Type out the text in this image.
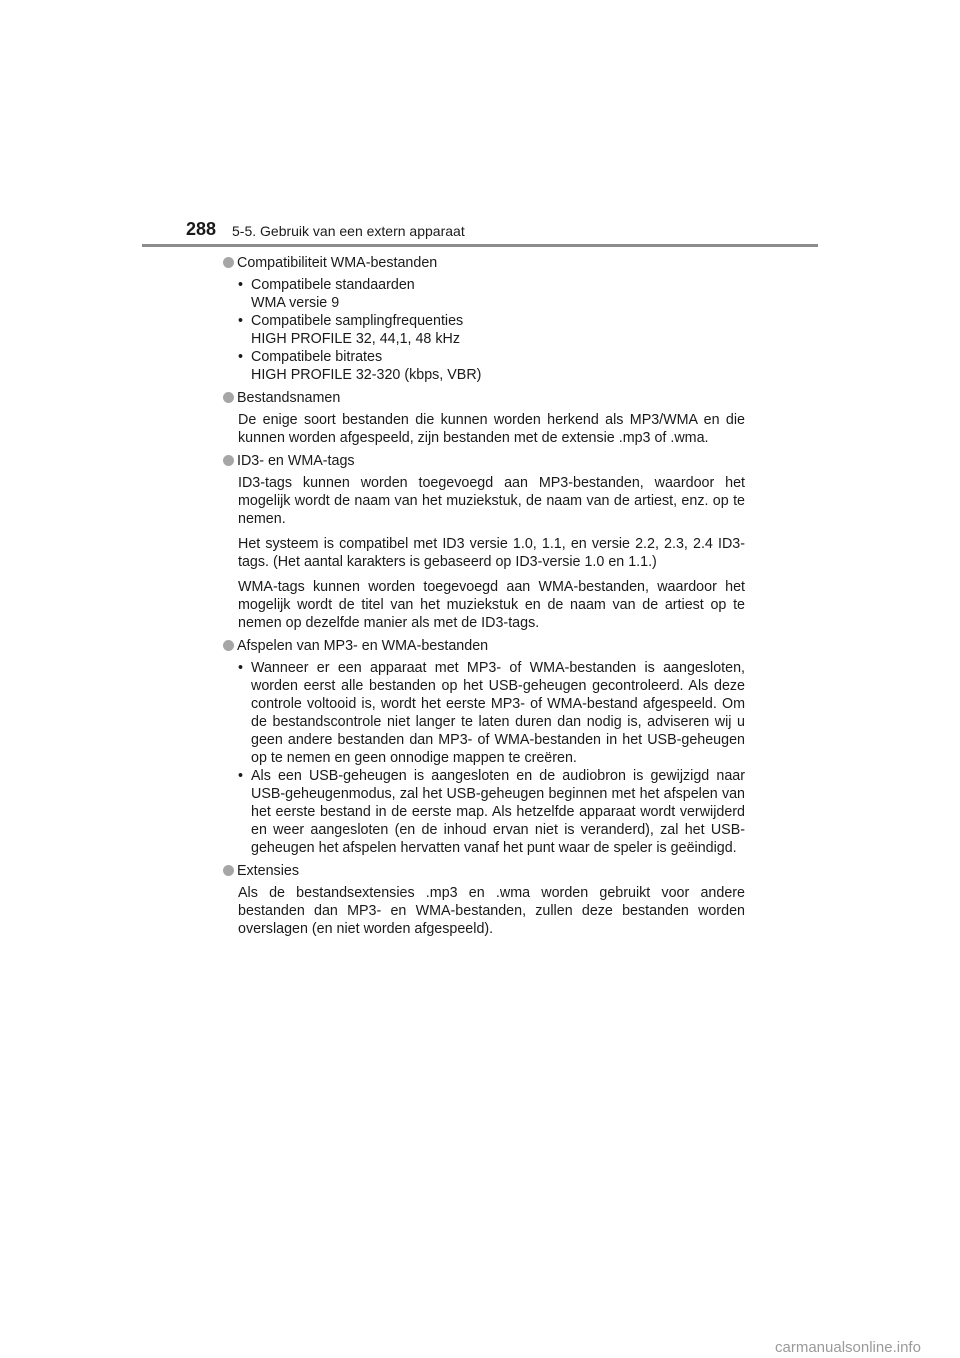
288 5-5. Gebruik van een extern apparaat
Compatibiliteit WMA-bestanden
• Compatibele standaarden
WMA versie 9
• Compatibele samplingfrequenties
HIGH PROFILE 32, 44,1, 48 kHz
• Compatibele bitrates
HIGH PROFILE 32-320 (kbps, VBR)
Bestandsnamen

De enige soort bestanden die kunnen worden herkend als MP3/WMA en die kunnen worden afgespeeld, zijn bestanden met de extensie .mp3 of .wma.

ID3- en WMA-tags

ID3-tags kunnen worden toegevoegd aan MP3-bestanden, waardoor het mogelijk wordt de naam van het muziekstuk, de naam van de artiest, enz. op te nemen.

Het systeem is compatibel met ID3 versie 1.0, 1.1, en versie 2.2, 2.3, 2.4 ID3-tags. (Het aantal karakters is gebaseerd op ID3-versie 1.0 en 1.1.)

WMA-tags kunnen worden toegevoegd aan WMA-bestanden, waardoor het mogelijk wordt de titel van het muziekstuk en de naam van de artiest op te nemen op dezelfde manier als met de ID3-tags.

Afspelen van MP3- en WMA-bestanden
• Wanneer er een apparaat met MP3- of WMA-bestanden is aangesloten, worden eerst alle bestanden op het USB-geheugen gecontroleerd. Als deze controle voltooid is, wordt het eerste MP3- of WMA-bestand afgespeeld. Om de bestandscontrole niet langer te laten duren dan nodig is, adviseren wij u geen andere bestanden dan MP3- of WMA-bestanden in het USB-geheugen op te nemen en geen onnodige mappen te creëren.
• Als een USB-geheugen is aangesloten en de audiobron is gewijzigd naar USB-geheugenmodus, zal het USB-geheugen beginnen met het afspelen van het eerste bestand in de eerste map. Als hetzelfde apparaat wordt verwijderd en weer aangesloten (en de inhoud ervan niet is veranderd), zal het USB-geheugen het afspelen hervatten vanaf het punt waar de speler is geëindigd.
Extensies

Als de bestandsextensies .mp3 en .wma worden gebruikt voor andere bestanden dan MP3- en WMA-bestanden, zullen deze bestanden worden overslagen (en niet worden afgespeeld).

carmanualsonline.info
